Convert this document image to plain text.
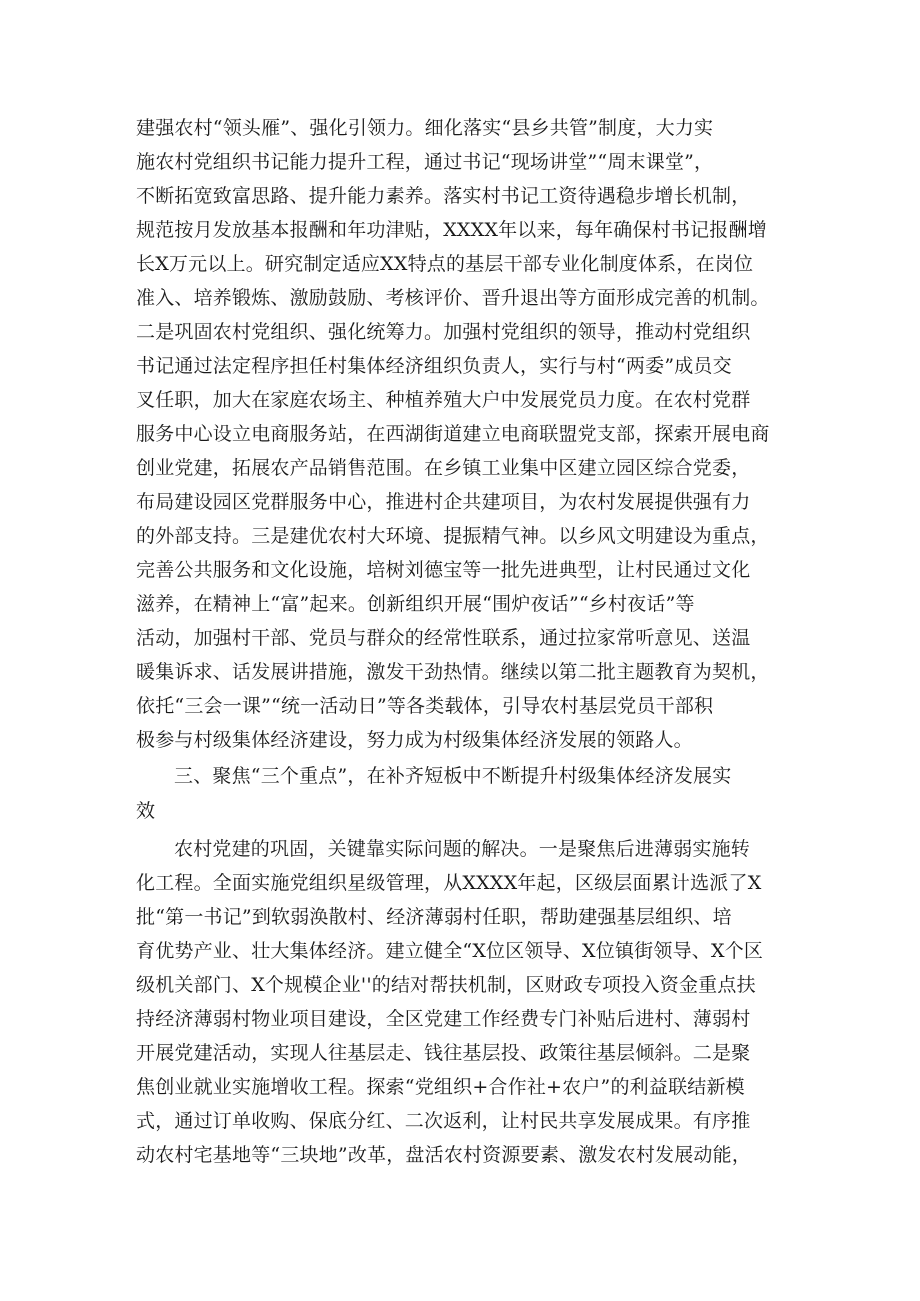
建强农村“领头雁”、强化引领力。细化落实“县乡共管”制度，大力实
施农村党组织书记能力提升工程，通过书记“现场讲堂”“周末课堂”，
不断拓宽致富思路、提升能力素养。落实村书记工资待遇稳步增长机制，
规范按月发放基本报酬和年功津贴，XXXX年以来，每年确保村书记报酬增
长X万元以上。研究制定适应XX特点的基层干部专业化制度体系，在岗位
准入、培养锻炼、激励鼓励、考核评价、晋升退出等方面形成完善的机制。
二是巩固农村党组织、强化统筹力。加强村党组织的领导，推动村党组织
书记通过法定程序担任村集体经济组织负责人，实行与村“两委”成员交
叉任职，加大在家庭农场主、种植养殖大户中发展党员力度。在农村党群
服务中心设立电商服务站，在西湖街道建立电商联盟党支部，探索开展电商
创业党建，拓展农产品销售范围。在乡镇工业集中区建立园区综合党委，
布局建设园区党群服务中心，推进村企共建项目，为农村发展提供强有力
的外部支持。三是建优农村大环境、提振精气神。以乡风文明建设为重点，
完善公共服务和文化设施，培树刘德宝等一批先进典型，让村民通过文化
滋养，在精神上“富”起来。创新组织开展“围炉夜话”“乡村夜话”等
活动，加强村干部、党员与群众的经常性联系，通过拉家常听意见、送温
暖集诉求、话发展讲措施，激发干劲热情。继续以第二批主题教育为契机，
依托“三会一课”“统一活动日”等各类载体，引导农村基层党员干部积
极参与村级集体经济建设，努力成为村级集体经济发展的领路人。
三、聚焦“三个重点”，在补齐短板中不断提升村级集体经济发展实
效
农村党建的巩固，关键靠实际问题的解决。一是聚焦后进薄弱实施转
化工程。全面实施党组织星级管理，从XXXX年起，区级层面累计选派了X
批“第一书记”到软弱涣散村、经济薄弱村任职，帮助建强基层组织、培
育优势产业、壮大集体经济。建立健全“X位区领导、X位镇街领导、X个区
级机关部门、X个规模企业''的结对帮扶机制，区财政专项投入资金重点扶
持经济薄弱村物业项目建设，全区党建工作经费专门补贴后进村、薄弱村
开展党建活动，实现人往基层走、钱往基层投、政策往基层倾斜。二是聚
焦创业就业实施增收工程。探索“党组织+合作社+农户”的利益联结新模
式，通过订单收购、保底分红、二次返利，让村民共享发展成果。有序推
动农村宅基地等“三块地”改革，盘活农村资源要素、激发农村发展动能，
